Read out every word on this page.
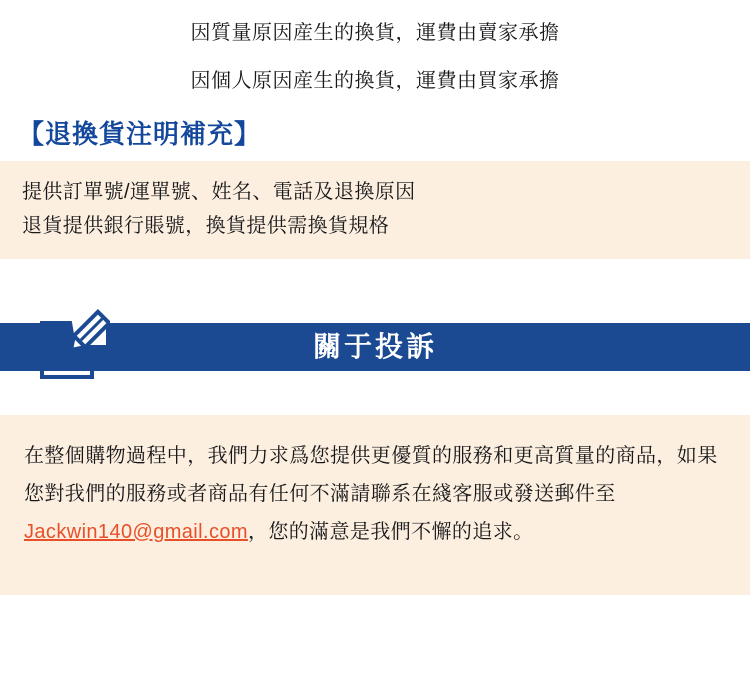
因質量原因産生的換貨，運費由賣家承擔

因個人原因産生的換貨，運費由買家承擔

【退換貨注明補充】
提供訂單號/運單號、姓名、電話及退換原因
退貨提供銀行賬號，換貨提供需換貨規格
關于投訴
在整個購物過程中，我們力求爲您提供更優質的服務和更高質量的商品，如果您對我們的服務或者商品有任何不滿請聯系在綫客服或發送郵件至 Jackwin140@gmail.com，您的滿意是我們不懈的追求。
